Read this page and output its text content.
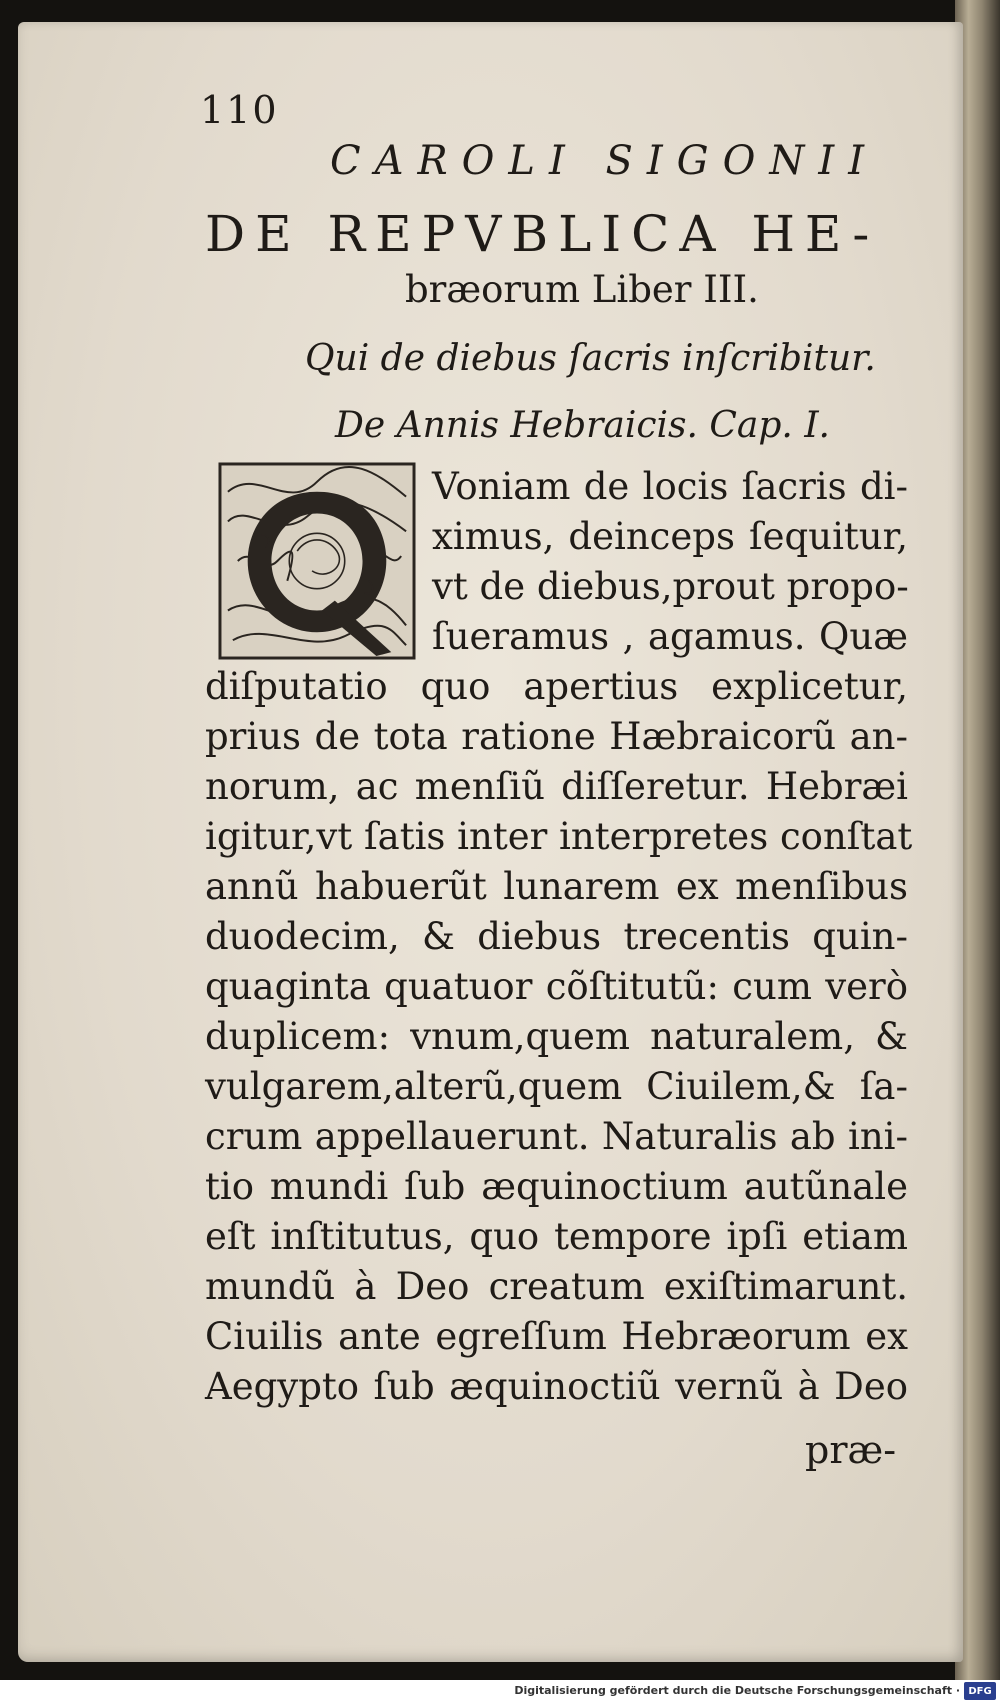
110
CAROLI SIGONII
DE REPVBLICA HE-
bræorum Liber III.
Qui de diebus ſacris inſcribitur.
De Annis Hebraicis. Cap. I.
Voniam de locis ſacris di-
ximus, deinceps ſequitur,
vt de diebus,prout propo-
ſueramus , agamus. Quæ
diſputatio quo apertius explicetur,
prius de tota ratione Hæbraicorũ an-
norum, ac menſiũ diſſeretur. Hebræi
igitur,vt ſatis inter interpretes conſtat
annũ habuerũt lunarem ex menſibus
duodecim, & diebus trecentis quin-
quaginta quatuor cõſtitutũ: cum verò
duplicem: vnum,quem naturalem, &
vulgarem,alterũ,quem Ciuilem,& ſa-
crum appellauerunt. Naturalis ab ini-
tio mundi ſub æquinoctium autũnale
eſt inſtitutus, quo tempore ipſi etiam
mundũ à Deo creatum exiſtimarunt.
Ciuilis ante egreſſum Hebræorum ex
Aegypto ſub æquinoctiũ vernũ à Deo
præ-
Digitalisierung gefördert durch die Deutsche Forschungsgemeinschaft · DFG
